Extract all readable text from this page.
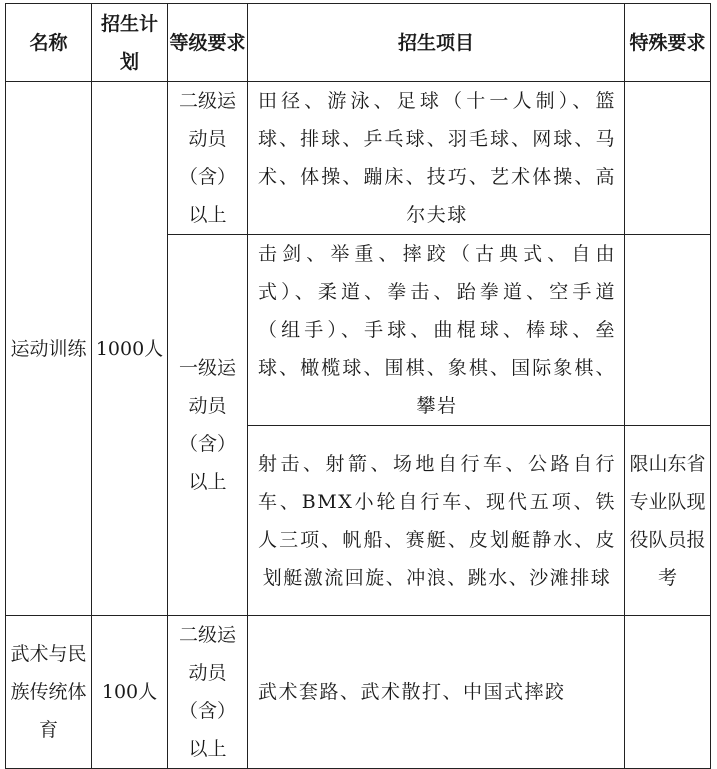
名称	招生计划	等级要求	招生项目	特殊要求
运动训练	1000人	二级运动员（含）以上	田径、游泳、足球（十一人制）、篮球、排球、乒乓球、羽毛球、网球、马术、体操、蹦床、技巧、艺术体操、高尔夫球	
		一级运动员（含）以上	击剑、举重、摔跤（古典式、自由式）、柔道、拳击、跆拳道、空手道（组手）、手球、曲棍球、棒球、垒球、橄榄球、围棋、象棋、国际象棋、攀岩	
			射击、射箭、场地自行车、公路自行车、BMX小轮自行车、现代五项、铁人三项、帆船、赛艇、皮划艇静水、皮划艇激流回旋、冲浪、跳水、沙滩排球	限山东省专业队现役队员报考
武术与民族传统体育	100人	二级运动员（含）以上	武术套路、武术散打、中国式摔跤	
